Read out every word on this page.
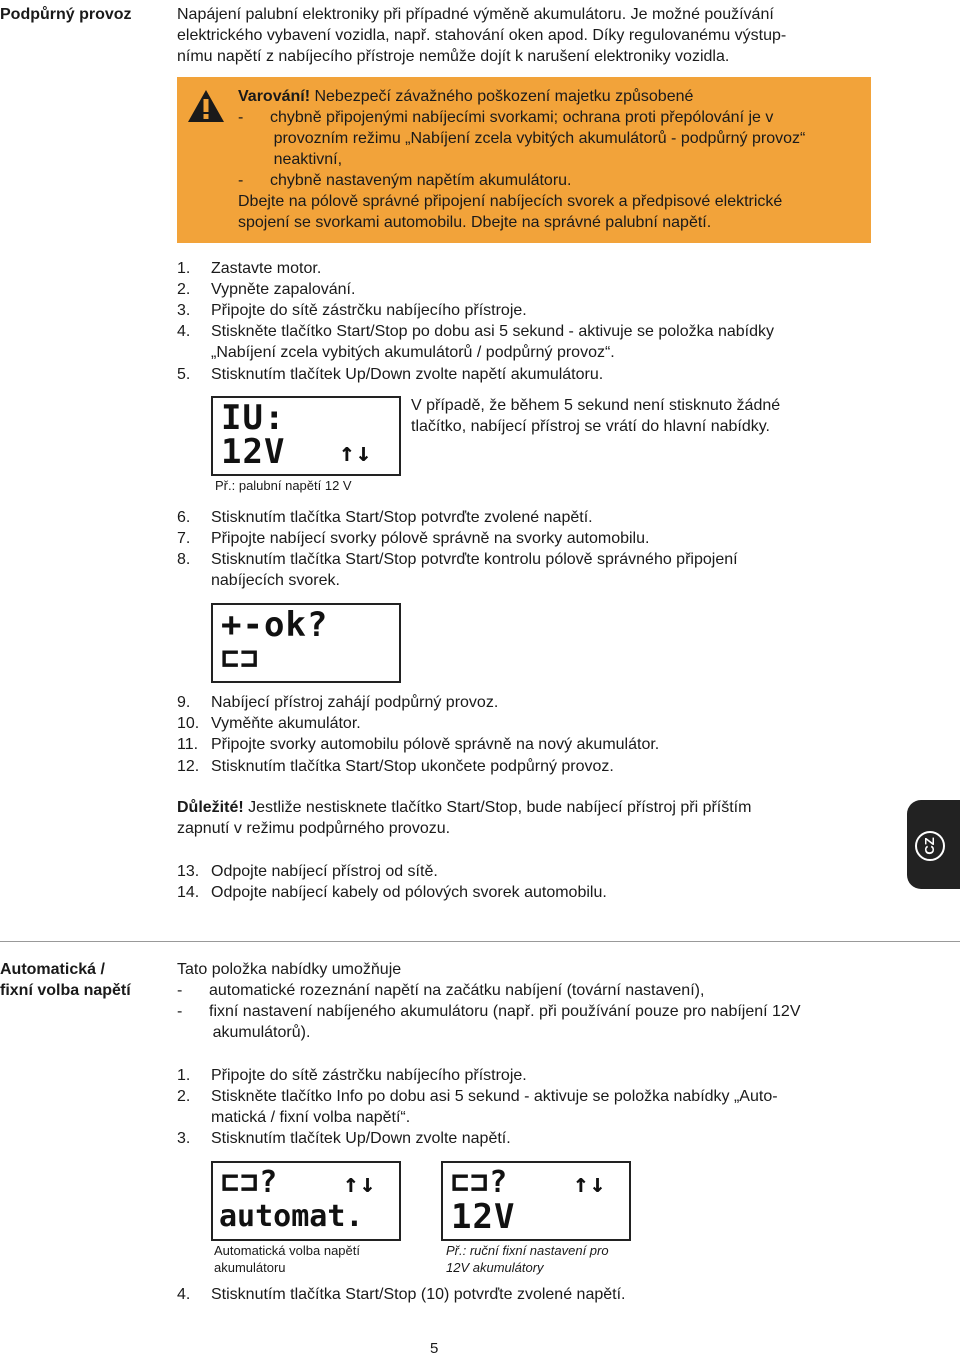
Podpůrný provoz	Napájení palubní elektroniky při případné výměně akumulátoru. Je možné používání
elektrického vybavení vozidla, např. stahování oken apod. Díky regulovanému výstup-
nímu napětí z nabíjecího přístroje nemůže dojít k narušení elektroniky vozidla.
Varování! Nebezpečí závažného poškození majetku způsobené
-      chybně připojenými nabíjecími svorkami; ochrana proti přepólování je v
provozním režimu „Nabíjení zcela vybitých akumulátorů - podpůrný provoz“
neaktivní,
-      chybně nastaveným napětím akumulátoru.
Dbejte na pólově správné připojení nabíjecích svorek a předpisové elektrické
spojení se svorkami automobilu. Dbejte na správné palubní napětí.
1. Zastavte motor.
2. Vypněte zapalování.
3. Připojte do sítě zástrčku nabíjecího přístroje.
4. Stiskněte tlačítko Start/Stop po dobu asi 5 sekund - aktivuje se položka nabídky
„Nabíjení zcela vybitých akumulátorů / podpůrný provoz“.
5. Stisknutím tlačítek Up/Down zvolte napětí akumulátoru.
IU:
12V ↑↓
Př.: palubní napětí 12 V
V případě, že během 5 sekund není stisknuto žádné
tlačítko, nabíjecí přístroj se vrátí do hlavní nabídky.
6. Stisknutím tlačítka Start/Stop potvrďte zvolené napětí.
7. Připojte nabíjecí svorky pólově správně na svorky automobilu.
8. Stisknutím tlačítka Start/Stop potvrďte kontrolu pólově správného připojení
nabíjecích svorek.
+-ok?
⊏⊐
9. Nabíjecí přístroj zahájí podpůrný provoz.
10. Vyměňte akumulátor.
11. Připojte svorky automobilu pólově správně na nový akumulátor.
12. Stisknutím tlačítka Start/Stop ukončete podpůrný provoz.
Důležité! Jestliže nestisknete tlačítko Start/Stop, bude nabíjecí přístroj při příštím
zapnutí v režimu podpůrného provozu.
13. Odpojte nabíjecí přístroj od sítě.
14. Odpojte nabíjecí kabely od pólových svorek automobilu.
CZ
Automatická /
fixní volba napětí
Tato položka nabídky umožňuje
-      automatické rozeznání napětí na začátku nabíjení (tovární nastavení),
-      fixní nastavení nabíjeného akumulátoru (např. při používání pouze pro nabíjení 12V
akumulátorů).
1. Připojte do sítě zástrčku nabíjecího přístroje.
2. Stiskněte tlačítko Info po dobu asi 5 sekund - aktivuje se položka nabídky „Auto-
matická / fixní volba napětí“.
3. Stisknutím tlačítek Up/Down zvolte napětí.
⊏⊐? ↑↓
automat.
Automatická volba napětí
akumulátoru
⊏⊐? ↑↓
12V
Př.: ruční fixní nastavení pro
12V akumulátory
4. Stisknutím tlačítka Start/Stop (10) potvrďte zvolené napětí.
5
